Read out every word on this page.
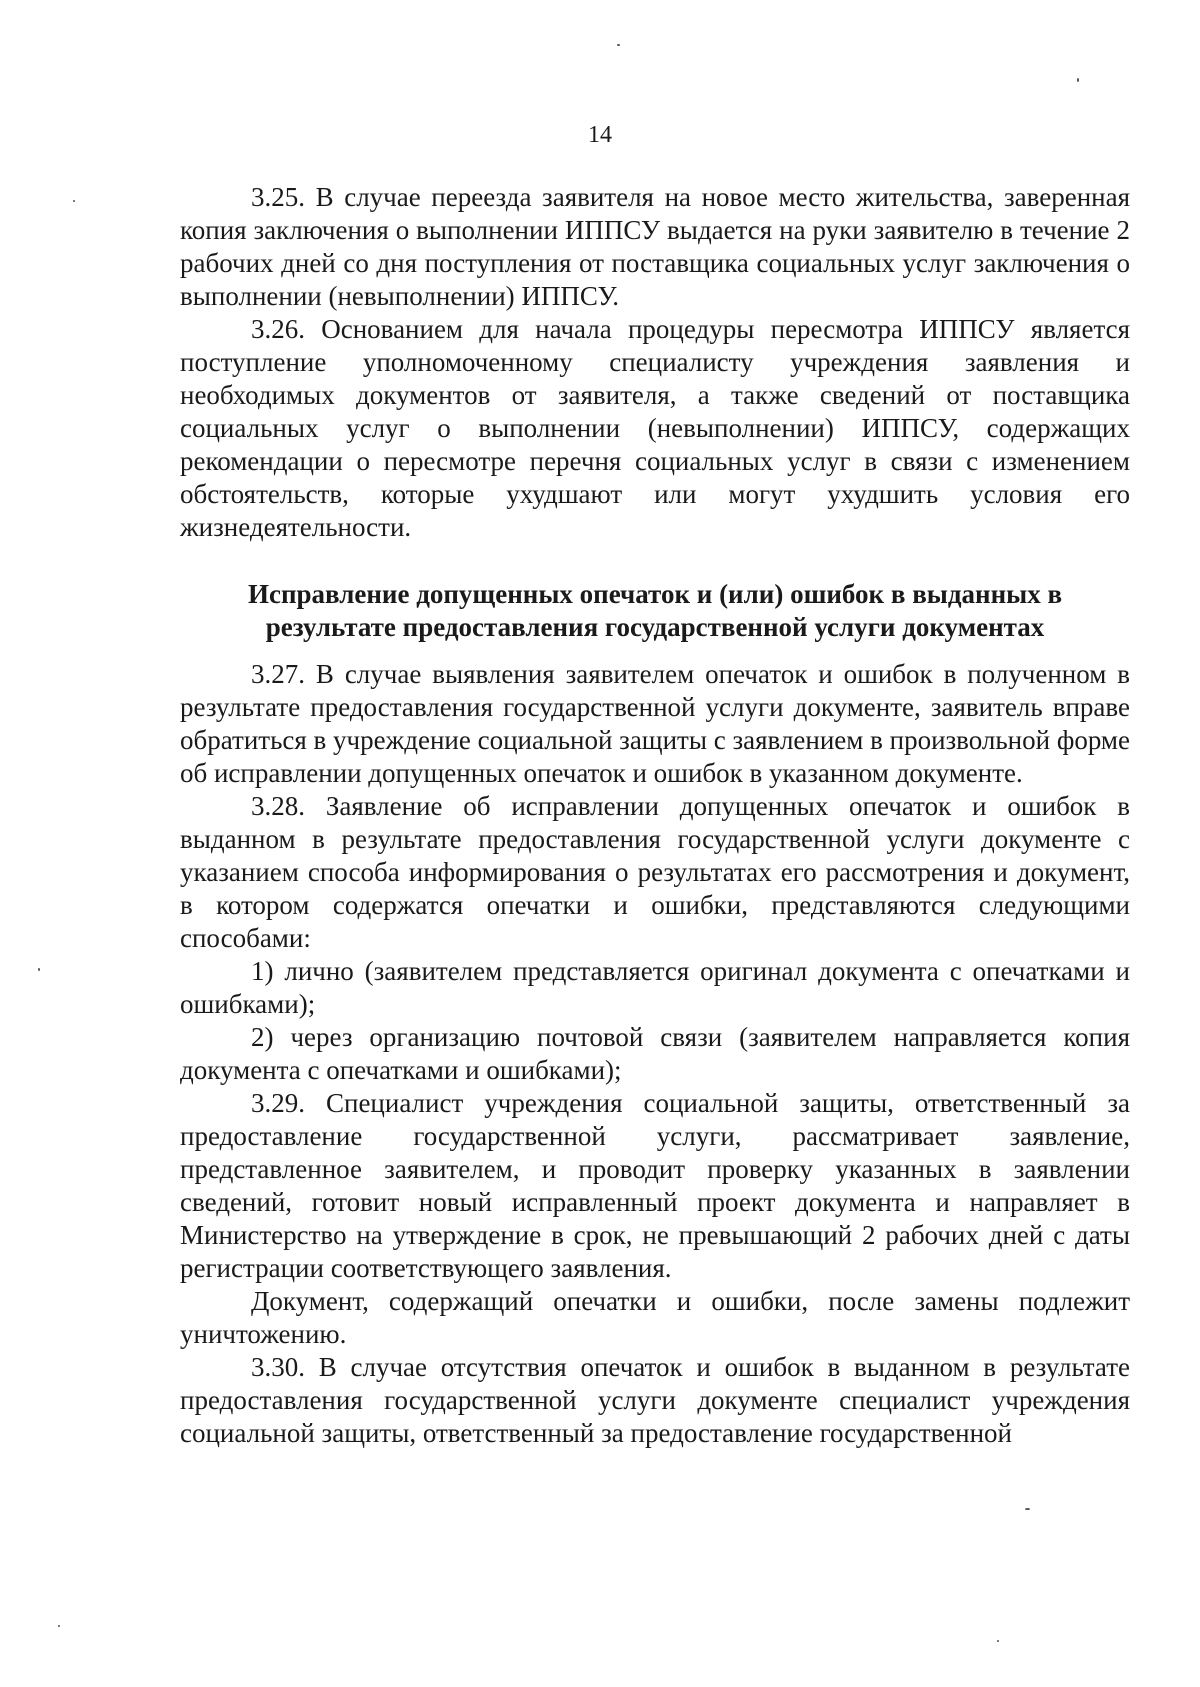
14

3.25. В случае переезда заявителя на новое место жительства, заверенная копия заключения о выполнении ИППСУ выдается на руки заявителю в течение 2 рабочих дней со дня поступления от поставщика социальных услуг заключения о выполнении (невыполнении) ИППСУ.

3.26. Основанием для начала процедуры пересмотра ИППСУ является поступление уполномоченному специалисту учреждения заявления и необходимых документов от заявителя, а также сведений от поставщика социальных услуг о выполнении (невыполнении) ИППСУ, содержащих рекомендации о пересмотре перечня социальных услуг в связи с изменением обстоятельств, которые ухудшают или могут ухудшить условия его жизнедеятельности.

Исправление допущенных опечаток и (или) ошибок в выданных в результате предоставления государственной услуги документах

3.27. В случае выявления заявителем опечаток и ошибок в полученном в результате предоставления государственной услуги документе, заявитель вправе обратиться в учреждение социальной защиты с заявлением в произвольной форме об исправлении допущенных опечаток и ошибок в указанном документе.

3.28. Заявление об исправлении допущенных опечаток и ошибок в выданном в результате предоставления государственной услуги документе с указанием способа информирования о результатах его рассмотрения и документ, в котором содержатся опечатки и ошибки, представляются следующими способами:

1) лично (заявителем представляется оригинал документа с опечатками и ошибками);

2) через организацию почтовой связи (заявителем направляется копия документа с опечатками и ошибками);

3.29. Специалист учреждения социальной защиты, ответственный за предоставление государственной услуги, рассматривает заявление, представленное заявителем, и проводит проверку указанных в заявлении сведений, готовит новый исправленный проект документа и направляет в Министерство на утверждение в срок, не превышающий 2 рабочих дней с даты регистрации соответствующего заявления.

Документ, содержащий опечатки и ошибки, после замены подлежит уничтожению.

3.30. В случае отсутствия опечаток и ошибок в выданном в результате предоставления государственной услуги документе специалист учреждения социальной защиты, ответственный за предоставление государственной
